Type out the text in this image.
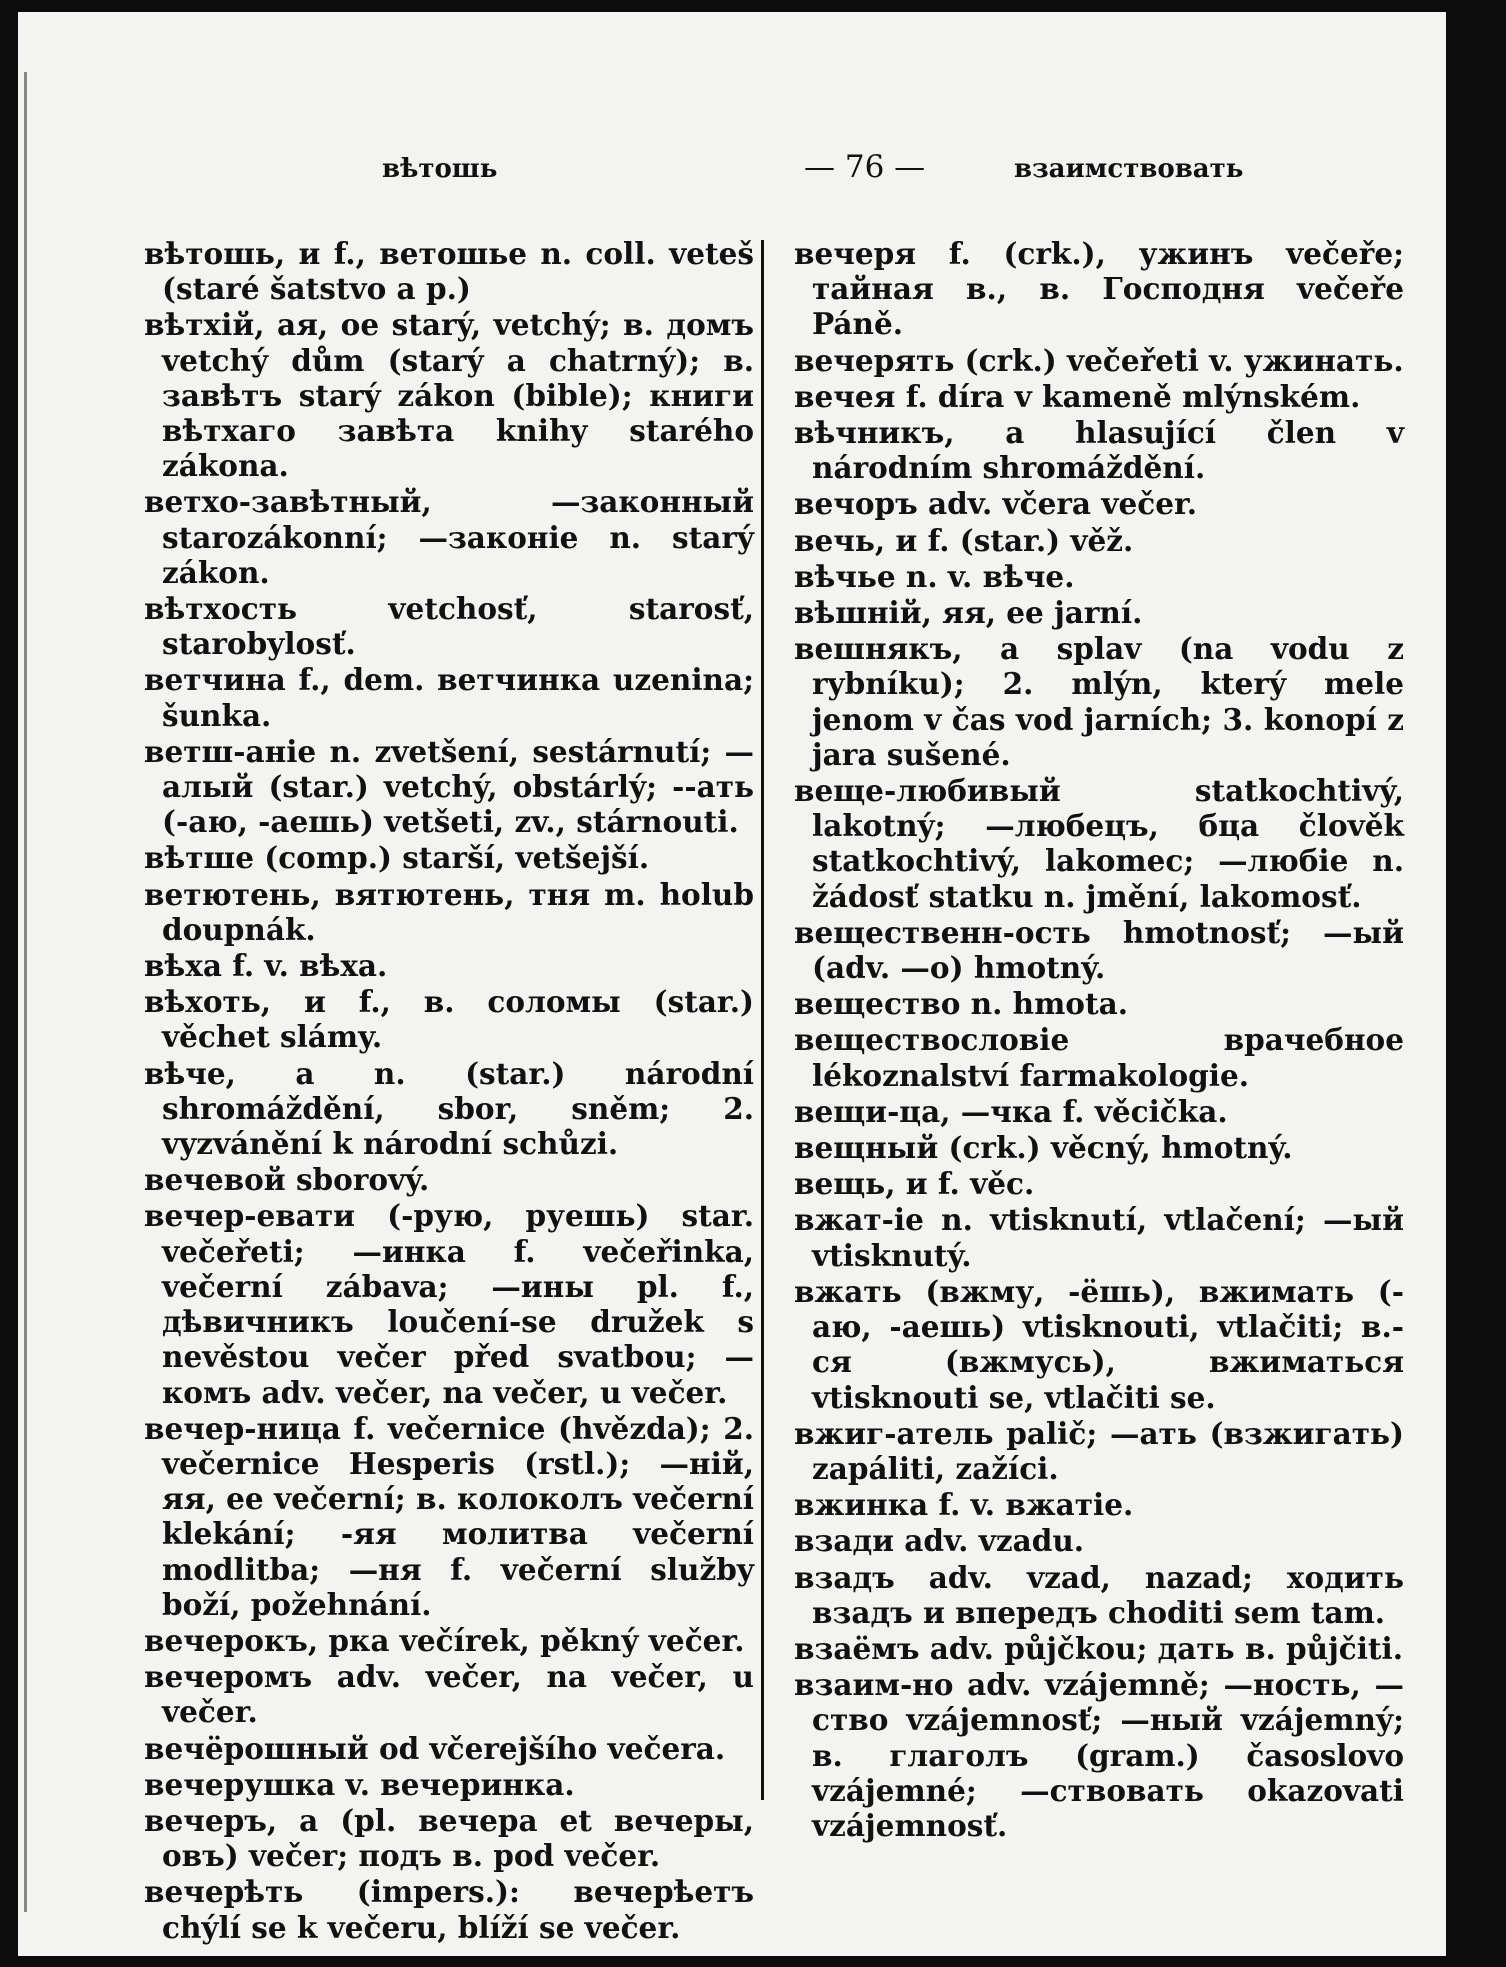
вѣтошь	— 76 —	взаимствовать

вѣтошь, и f., ветошье n. coll. veteš (staré šatstvo a p.)

вѣтхій, ая, ое starý, vetchý; в. домъ vetchý dům (starý a chatrný); в. завѣтъ starý zákon (bible); книги вѣтхаго завѣта knihy starého zákona.

ветхо-завѣтный, —законный starozákonní; —законіе n. starý zákon.

вѣтхость vetchosť, starosť, starobylosť.

ветчина f., dem. ветчинка uzenina; šunka.

ветш-аніе n. zvetšení, sestárnutí; —алый (star.) vetchý, obstárlý; --ать (-аю, -аешь) vetšeti, zv., stárnouti.

вѣтше (comp.) starší, vetšejší.

ветютень, вятютень, тня m. holub doupnák.

вѣха f. v. вѣха.

вѣхоть, и f., в. соломы (star.) věchet slámy.

вѣче, а n. (star.) národní shromáždění, sbor, sněm; 2. vyzvánění k národní schůzi.

вечевой sborový.

вечер-евати (-рую, руешь) star. večeřeti; —инка f. večeřinka, večerní zábava; —ины pl. f., дѣвичникъ loučení-se družek s nevěstou večer před svatbou; —комъ adv. večer, na večer, u večer.

вечер-ница f. večernice (hvězda); 2. večernice Hesperis (rstl.); —ній, яя, ее večerní; в. колоколъ večerní klekání; -яя молитва večerní modlitba; —ня f. večerní služby boží, požehnání.

вечерокъ, рка večírek, pěkný večer.

вечеромъ adv. večer, na večer, u večer.

вечёрошный od včerejšího večera.

вечерушка v. вечеринка.

вечеръ, а (pl. вечера et вечеры, овъ) večer; подъ в. pod večer.

вечерѣть (impers.): вечерѣетъ chýlí se k večeru, blíží se večer.

вечеря f. (crk.), ужинъ večeře; тайная в., в. Господня večeře Páně.

вечерять (crk.) večeřeti v. ужинать.

вечея f. díra v kameně mlýnském.

вѣчникъ, а hlasující člen v národním shromáždění.

вечоръ adv. včera večer.

вечь, и f. (star.) věž.

вѣчье n. v. вѣче.

вѣшній, яя, ее jarní.

вешнякъ, а splav (na vodu z rybníku); 2. mlýn, který mele jenom v čas vod jarních; 3. konopí z jara sušené.

веще-любивый statkochtivý, lakotný; —любецъ, бца člověk statkochtivý, lakomec; —любіе n. žádosť statku n. jmění, lakomosť.

вещественн-ость hmotnosť; —ый (adv. —о) hmotný.

вещество n. hmota.

веществословіе врачебное lékoznalství farmakologie.

вещи-ца, —чка f. věcička.

вещный (crk.) věcný, hmotný.

вещь, и f. věc.

вжат-іе n. vtisknutí, vtlačení; —ый vtisknutý.

вжать (вжму, -ёшь), вжимать (-аю, -аешь) vtisknouti, vtlačiti; в.-ся (вжмусь), вжиматься vtisknouti se, vtlačiti se.

вжиг-атель palič; —ать (взжигать) zapáliti, zažíci.

вжинка f. v. вжатіе.

взади adv. vzadu.

взадъ adv. vzad, nazad; ходить взадъ и впередъ choditi sem tam.

взаёмъ adv. půjčkou; дать в. půjčiti.

взаим-но adv. vzájemně; —ность, —ство vzájemnosť; —ный vzájemný; в. глаголъ (gram.) časoslovo vzájemné; —ствовать okazovati vzájemnosť.
